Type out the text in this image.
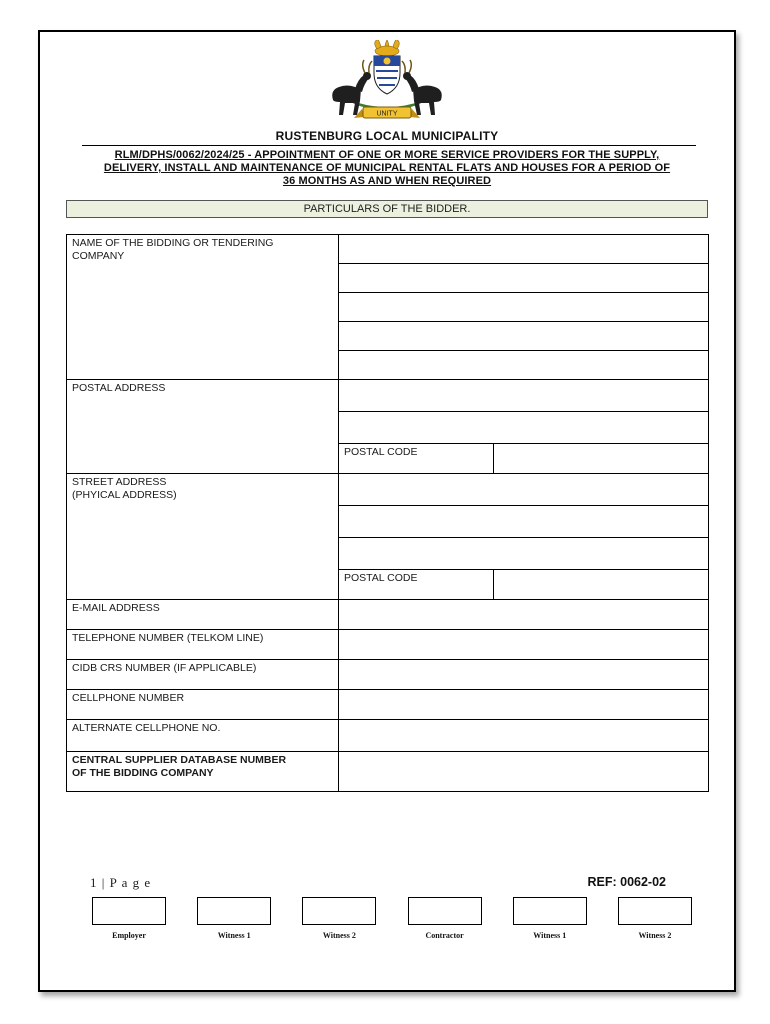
UNITY
RUSTENBURG LOCAL MUNICIPALITY
RLM/DPHS/0062/2024/25 - APPOINTMENT OF ONE OR MORE SERVICE PROVIDERS FOR THE SUPPLY,
DELIVERY, INSTALL AND MAINTENANCE OF MUNICIPAL RENTAL FLATS AND HOUSES FOR A PERIOD OF
36 MONTHS AS AND WHEN REQUIRED
PARTICULARS OF THE BIDDER.
NAME OF THE BIDDING OR TENDERING COMPANY		

POSTAL ADDRESS		

	POSTAL CODE	

STREET ADDRESS
(PHYICAL ADDRESS)		

	POSTAL CODE	

E-MAIL ADDRESS		

TELEPHONE NUMBER (TELKOM LINE)		

CIDB CRS NUMBER (IF APPLICABLE)		

CELLPHONE NUMBER		

ALTERNATE CELLPHONE NO.		

CENTRAL SUPPLIER DATABASE NUMBER OF THE BIDDING COMPANY		

1 | P a g e	REF: 0062-02
Employer	Witness 1	Witness 2	Contractor	Witness 1	Witness 2
